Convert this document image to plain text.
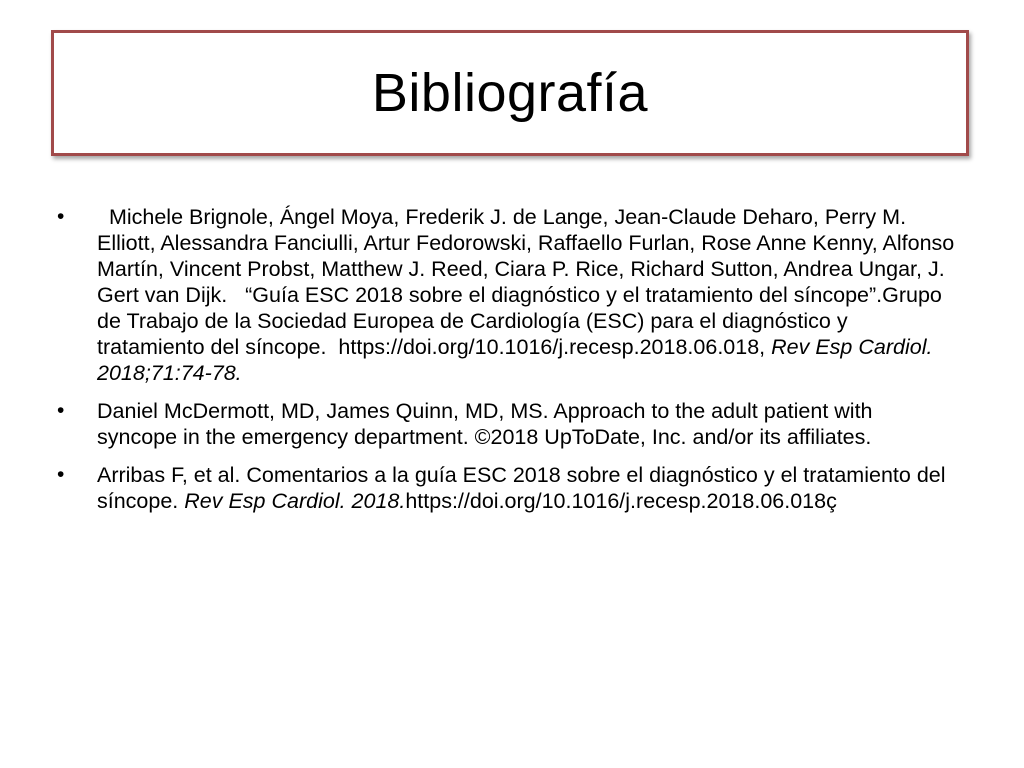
Bibliografía
• Michele Brignole, Ángel Moya, Frederik J. de Lange, Jean-Claude Deharo, Perry M. Elliott, Alessandra Fanciulli, Artur Fedorowski, Raffaello Furlan, Rose Anne Kenny, Alfonso Martín, Vincent Probst, Matthew J. Reed, Ciara P. Rice, Richard Sutton, Andrea Ungar, J. Gert van Dijk.   “Guía ESC 2018 sobre el diagnóstico y el tratamiento del síncope”.Grupo de Trabajo de la Sociedad Europea de Cardiología (ESC) para el diagnóstico y tratamiento del síncope.  https://doi.org/10.1016/j.recesp.2018.06.018, Rev Esp Cardiol. 2018;71:74-78.
• Daniel McDermott, MD, James Quinn, MD, MS. Approach to the adult patient with syncope in the emergency department. ©2018 UpToDate, Inc. and/or its affiliates.
• Arribas F, et al. Comentarios a la guía ESC 2018 sobre el diagnóstico y el tratamiento del síncope. Rev Esp Cardiol. 2018.https://doi.org/10.1016/j.recesp.2018.06.018ç
